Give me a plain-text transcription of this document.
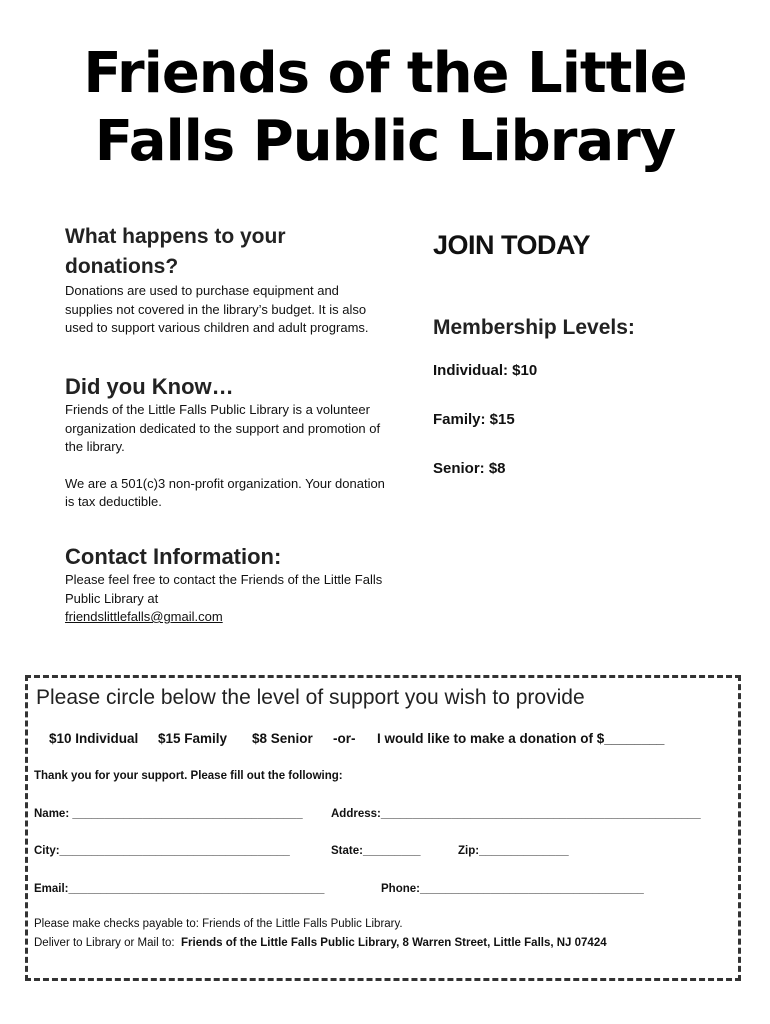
Friends of the Little
Falls Public Library
What happens to your donations?

Donations are used to purchase equipment and supplies not covered in the library’s budget. It is also used to support various children and adult programs.

Did you Know…

Friends of the Little Falls Public Library is a volunteer organization dedicated to the support and promotion of the library.

We are a 501(c)3 non-profit organization. Your donation is tax deductible.

Contact Information:

Please feel free to contact the Friends of the Little Falls Public Library at

friendslittlefalls@gmail.com

JOIN TODAY
Membership Levels:
Individual: $10
Family: $15
Senior: $8
Please circle below the level of support you wish to provide
$10 Individual $15 Family $8 Senior -or- I would like to make a donation of $________
Thank you for your support. Please fill out the following:
Name: ____________________________________ Address:__________________________________________________
City:____________________________________	State:_________	Zip:______________
Email:________________________________________	Phone:___________________________________
Please make checks payable to: Friends of the Little Falls Public Library.
Deliver to Library or Mail to: Friends of the Little Falls Public Library, 8 Warren Street, Little Falls, NJ 07424
